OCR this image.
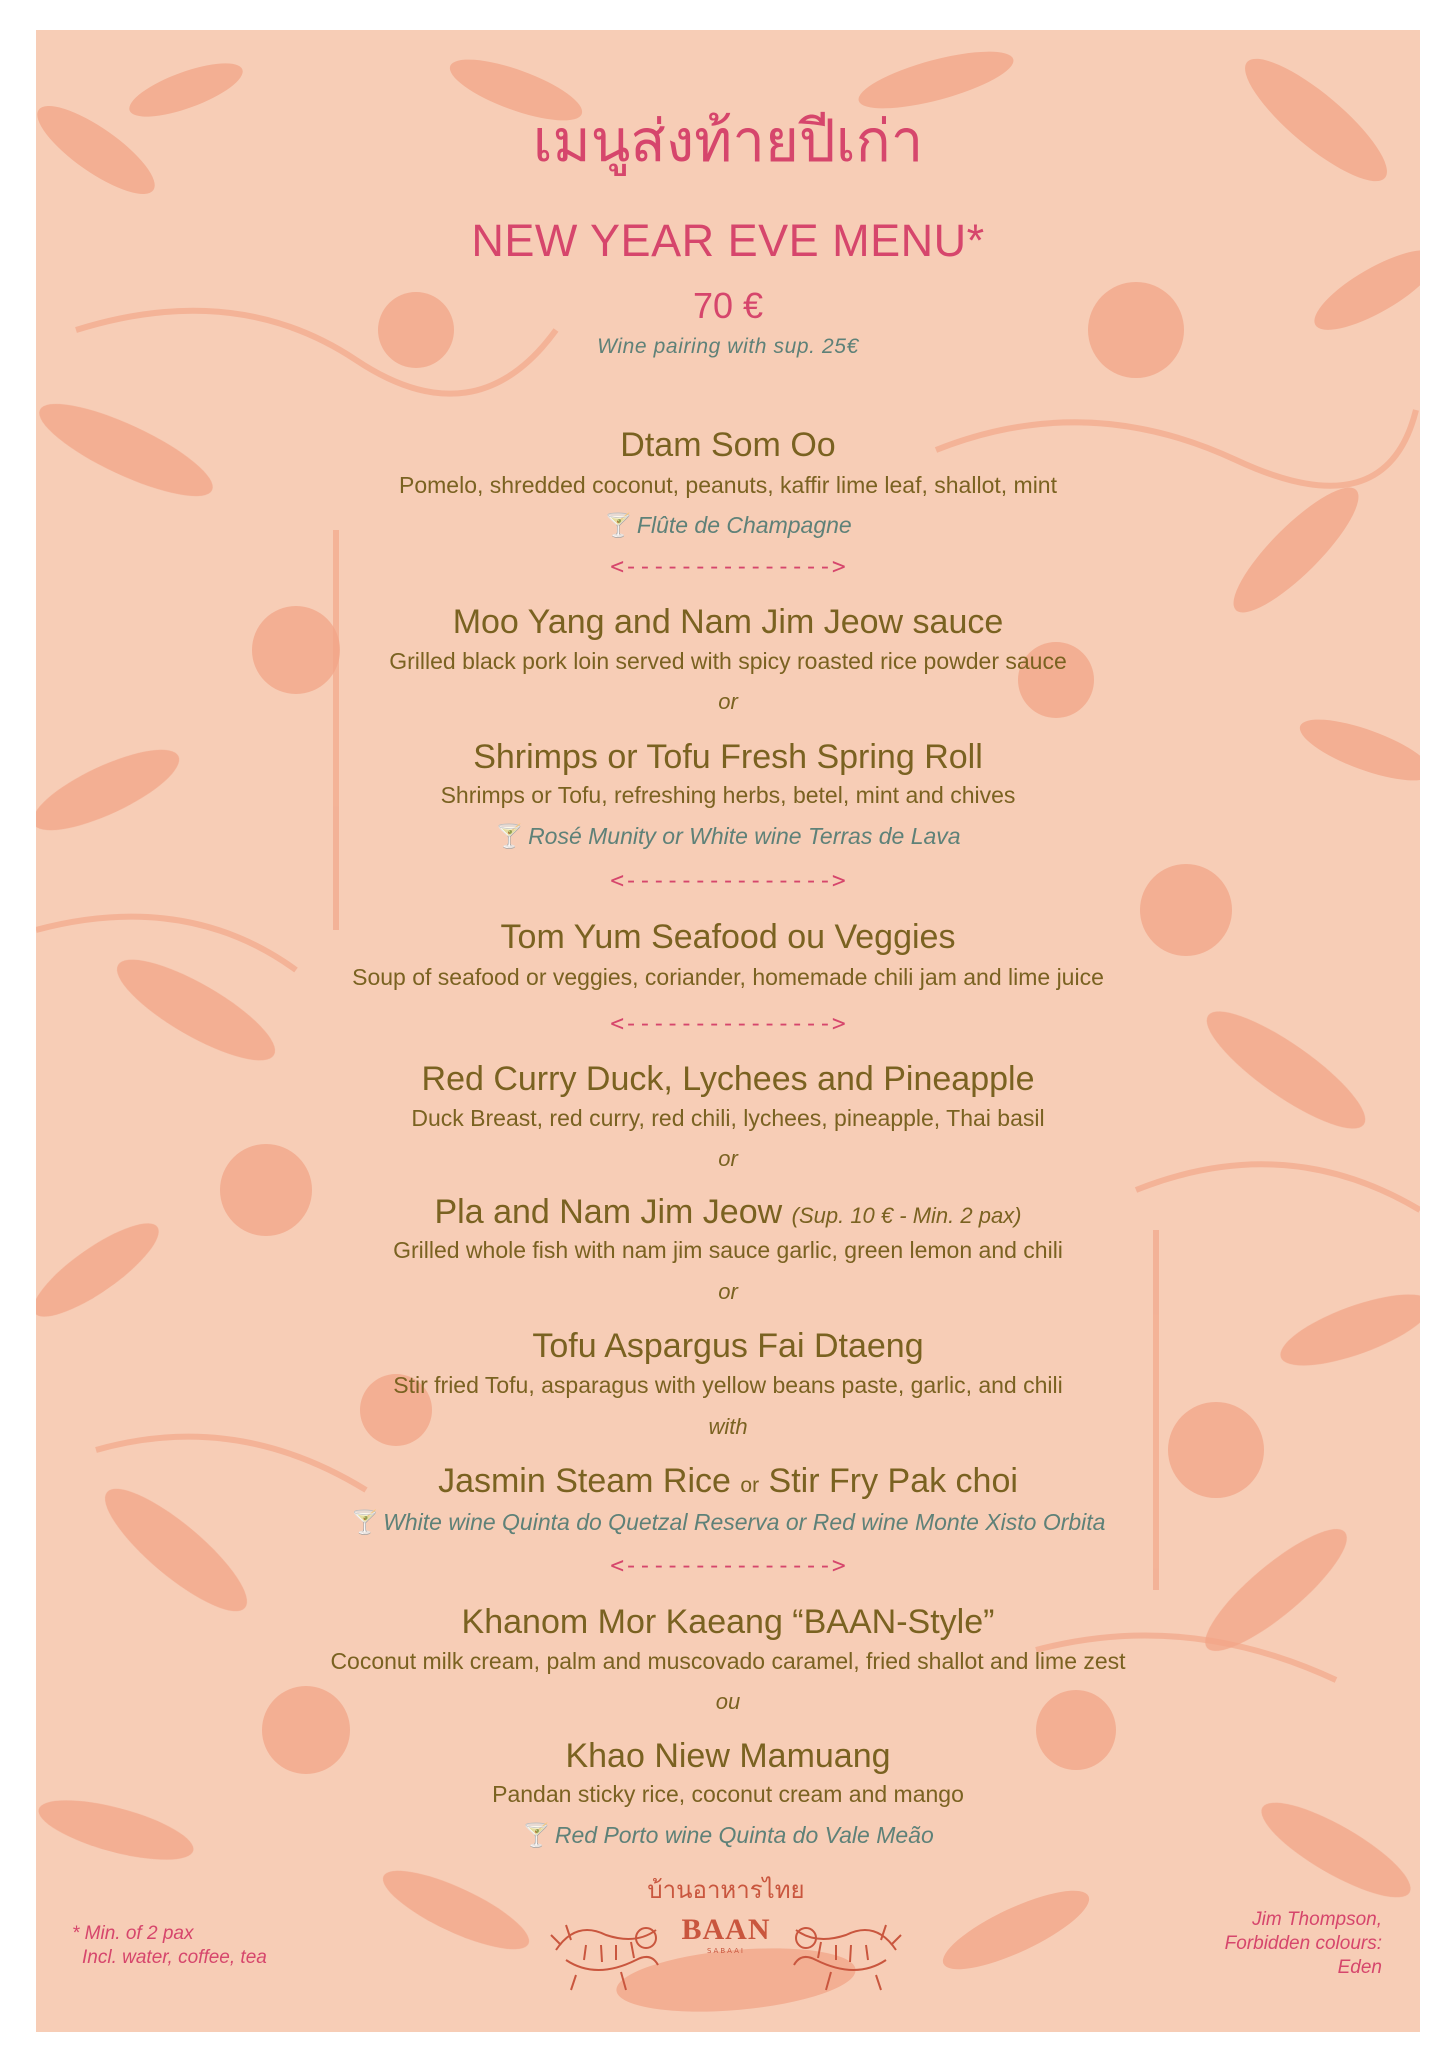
เมนูส่งท้ายปีเก่า
NEW YEAR EVE MENU*
70 €
Wine pairing with sup. 25€
Dtam Som Oo
Pomelo, shredded coconut, peanuts, kaffir lime leaf, shallot, mint
🍸 Flûte de Champagne
<--------------->
Moo Yang and Nam Jim Jeow sauce
Grilled black pork loin served with spicy roasted rice powder sauce
or
Shrimps or Tofu Fresh Spring Roll
Shrimps or Tofu, refreshing herbs, betel, mint and chives
🍸 Rosé Munity or White wine Terras de Lava
<--------------->
Tom Yum Seafood ou Veggies
Soup of seafood or veggies, coriander, homemade chili jam and lime juice
<--------------->
Red Curry Duck, Lychees and Pineapple
Duck Breast, red curry, red chili, lychees, pineapple, Thai basil
or
Pla and Nam Jim Jeow (Sup. 10 € - Min. 2 pax)
Grilled whole fish with nam jim sauce garlic, green lemon and chili
or
Tofu Aspargus Fai Dtaeng
Stir fried Tofu, asparagus with yellow beans paste, garlic, and chili
with
Jasmin Steam Rice or Stir Fry Pak choi
🍸 White wine Quinta do Quetzal Reserva or Red wine Monte Xisto Orbita
<--------------->
Khanom Mor Kaeang “BAAN-Style”
Coconut milk cream, palm and muscovado caramel, fried shallot and lime zest
ou
Khao Niew Mamuang
Pandan sticky rice, coconut cream and mango
🍸 Red Porto wine Quinta do Vale Meão
* Min. of 2 pax
Incl. water, coffee, tea
บ้านอาหารไทย
BAAN
SABAAI
Jim Thompson,
Forbidden colours:
Eden
